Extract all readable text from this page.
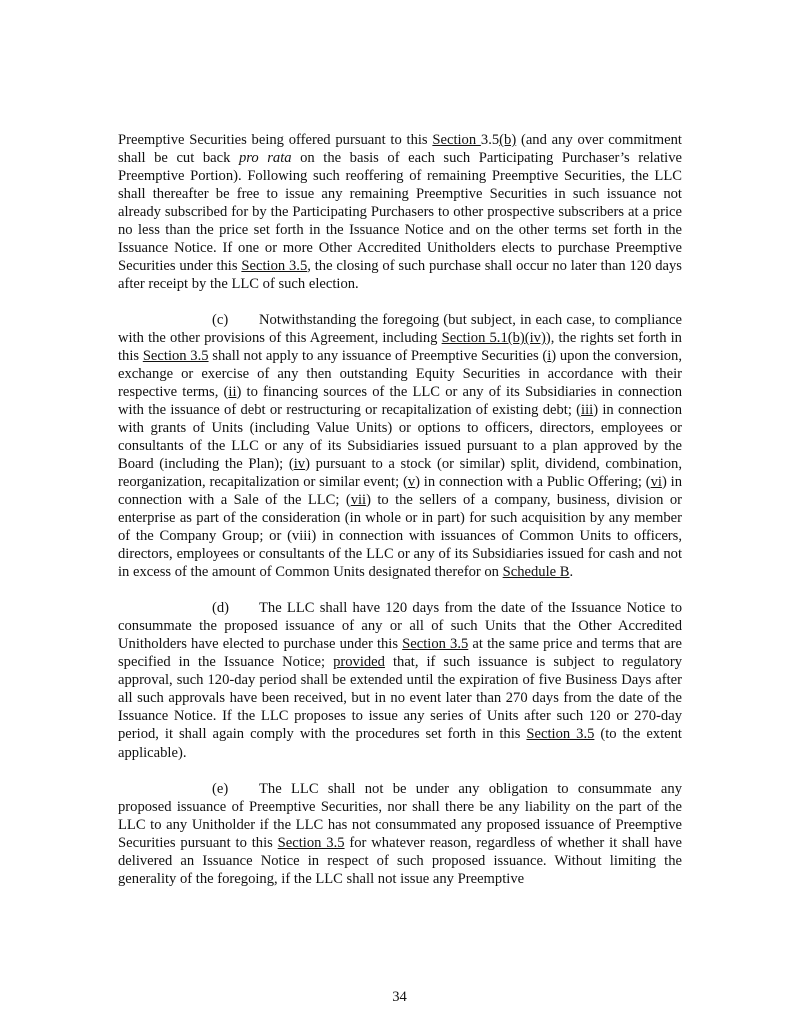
Preemptive Securities being offered pursuant to this Section 3.5(b) (and any over commitment shall be cut back pro rata on the basis of each such Participating Purchaser’s relative Preemptive Portion). Following such reoffering of remaining Preemptive Securities, the LLC shall thereafter be free to issue any remaining Preemptive Securities in such issuance not already subscribed for by the Participating Purchasers to other prospective subscribers at a price no less than the price set forth in the Issuance Notice and on the other terms set forth in the Issuance Notice. If one or more Other Accredited Unitholders elects to purchase Preemptive Securities under this Section 3.5, the closing of such purchase shall occur no later than 120 days after receipt by the LLC of such election.

(c) Notwithstanding the foregoing (but subject, in each case, to compliance with the other provisions of this Agreement, including Section 5.1(b)(iv)), the rights set forth in this Section 3.5 shall not apply to any issuance of Preemptive Securities (i) upon the conversion, exchange or exercise of any then outstanding Equity Securities in accordance with their respective terms, (ii) to financing sources of the LLC or any of its Subsidiaries in connection with the issuance of debt or restructuring or recapitalization of existing debt; (iii) in connection with grants of Units (including Value Units) or options to officers, directors, employees or consultants of the LLC or any of its Subsidiaries issued pursuant to a plan approved by the Board (including the Plan); (iv) pursuant to a stock (or similar) split, dividend, combination, reorganization, recapitalization or similar event; (v) in connection with a Public Offering; (vi) in connection with a Sale of the LLC; (vii) to the sellers of a company, business, division or enterprise as part of the consideration (in whole or in part) for such acquisition by any member of the Company Group; or (viii) in connection with issuances of Common Units to officers, directors, employees or consultants of the LLC or any of its Subsidiaries issued for cash and not in excess of the amount of Common Units designated therefor on Schedule B.

(d) The LLC shall have 120 days from the date of the Issuance Notice to consummate the proposed issuance of any or all of such Units that the Other Accredited Unitholders have elected to purchase under this Section 3.5 at the same price and terms that are specified in the Issuance Notice; provided that, if such issuance is subject to regulatory approval, such 120-day period shall be extended until the expiration of five Business Days after all such approvals have been received, but in no event later than 270 days from the date of the Issuance Notice. If the LLC proposes to issue any series of Units after such 120 or 270-day period, it shall again comply with the procedures set forth in this Section 3.5 (to the extent applicable).

(e) The LLC shall not be under any obligation to consummate any proposed issuance of Preemptive Securities, nor shall there be any liability on the part of the LLC to any Unitholder if the LLC has not consummated any proposed issuance of Preemptive Securities pursuant to this Section 3.5 for whatever reason, regardless of whether it shall have delivered an Issuance Notice in respect of such proposed issuance. Without limiting the generality of the foregoing, if the LLC shall not issue any Preemptive

34
